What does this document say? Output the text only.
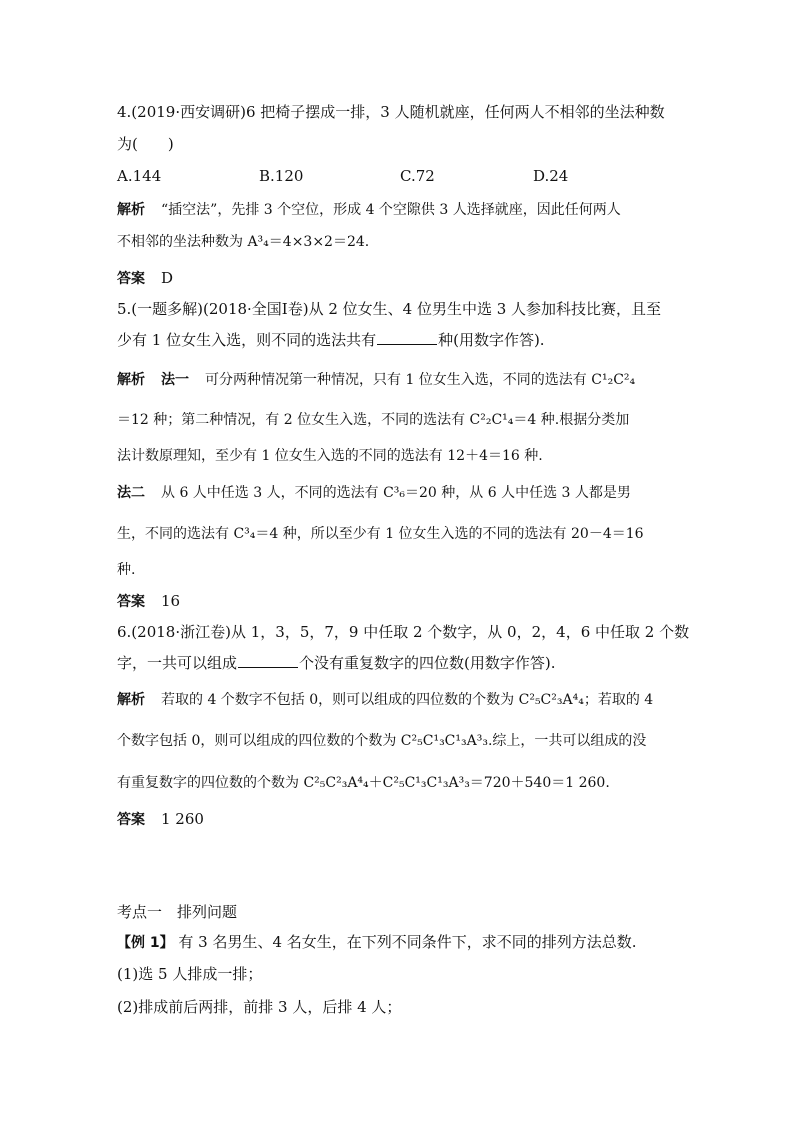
4.(2019·西安调研)6 把椅子摆成一排，3 人随机就座，任何两人不相邻的坐法种数
为(　　)
A.144	B.120	C.72	D.24
解析 “插空法”，先排 3 个空位，形成 4 个空隙供 3 人选择就座，因此任何两人
不相邻的坐法种数为 A³₄＝4×3×2＝24.
答案 D
5.(一题多解)(2018·全国Ⅰ卷)从 2 位女生、4 位男生中选 3 人参加科技比赛，且至
少有 1 位女生入选，则不同的选法共有	种(用数字作答).
解析 法一 可分两种情况第一种情况，只有 1 位女生入选，不同的选法有 C¹₂C²₄
＝12 种；第二种情况，有 2 位女生入选，不同的选法有 C²₂C¹₄＝4 种.根据分类加
法计数原理知，至少有 1 位女生入选的不同的选法有 12＋4＝16 种.
法二 从 6 人中任选 3 人，不同的选法有 C³₆＝20 种，从 6 人中任选 3 人都是男
生，不同的选法有 C³₄＝4 种，所以至少有 1 位女生入选的不同的选法有 20－4＝16
种.
答案 16
6.(2018·浙江卷)从 1，3，5，7，9 中任取 2 个数字，从 0，2，4，6 中任取 2 个数
字，一共可以组成	个没有重复数字的四位数(用数字作答).
解析 若取的 4 个数字不包括 0，则可以组成的四位数的个数为 C²₅C²₃A⁴₄；若取的 4
个数字包括 0，则可以组成的四位数的个数为 C²₅C¹₃C¹₃A³₃.综上，一共可以组成的没
有重复数字的四位数的个数为 C²₅C²₃A⁴₄＋C²₅C¹₃C¹₃A³₃＝720＋540＝1 260.
答案 1 260
考点一　排列问题
【例 1】 有 3 名男生、4 名女生，在下列不同条件下，求不同的排列方法总数.
(1)选 5 人排成一排；
(2)排成前后两排，前排 3 人，后排 4 人；
